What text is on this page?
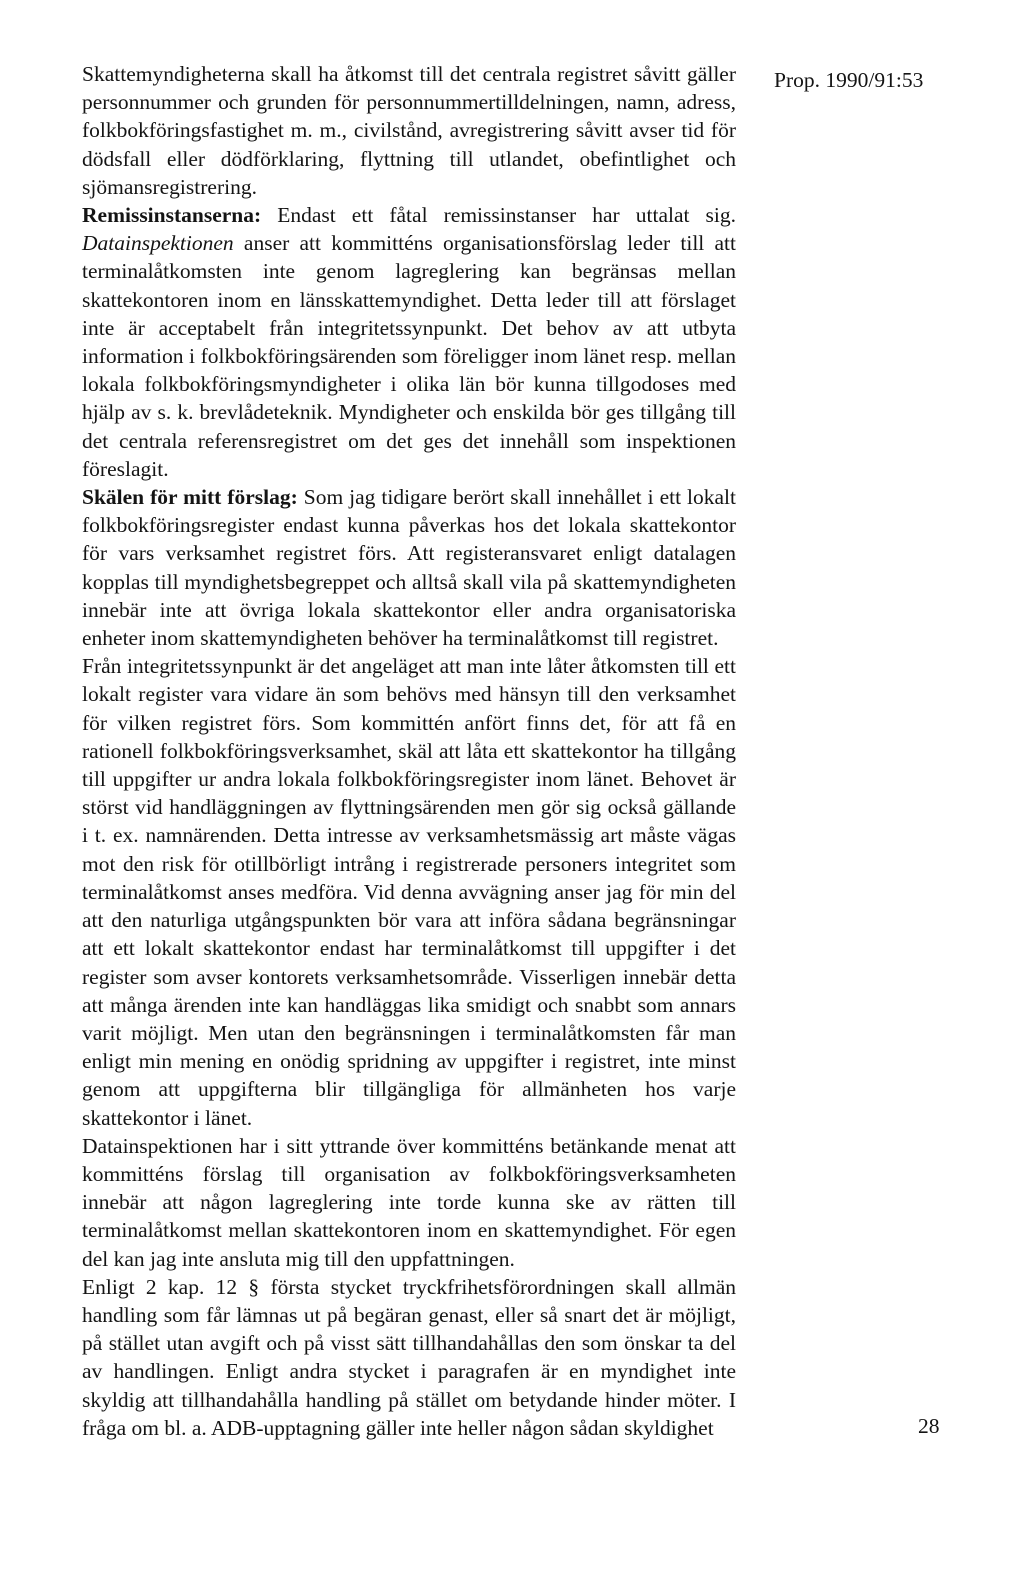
Prop. 1990/91:53

Skattemyndigheterna skall ha åtkomst till det centrala registret såvitt gäller personnummer och grunden för personnummertilldelningen, namn, adress, folkbokföringsfastighet m. m., civilstånd, avregistrering såvitt avser tid för dödsfall eller dödförklaring, flyttning till utlandet, obefintlighet och sjömansregistrering.

Remissinstanserna: Endast ett fåtal remissinstanser har uttalat sig. Datainspektionen anser att kommitténs organisationsförslag leder till att terminalåtkomsten inte genom lagreglering kan begränsas mellan skattekontoren inom en länsskattemyndighet. Detta leder till att förslaget inte är acceptabelt från integritetssynpunkt. Det behov av att utbyta information i folkbokföringsärenden som föreligger inom länet resp. mellan lokala folkbokföringsmyndigheter i olika län bör kunna tillgodoses med hjälp av s. k. brevlådeteknik. Myndigheter och enskilda bör ges tillgång till det centrala referensregistret om det ges det innehåll som inspektionen föreslagit.

Skälen för mitt förslag: Som jag tidigare berört skall innehållet i ett lokalt folkbokföringsregister endast kunna påverkas hos det lokala skattekontor för vars verksamhet registret förs. Att registeransvaret enligt datalagen kopplas till myndighetsbegreppet och alltså skall vila på skattemyndigheten innebär inte att övriga lokala skattekontor eller andra organisatoriska enheter inom skattemyndigheten behöver ha terminalåtkomst till registret.

Från integritetssynpunkt är det angeläget att man inte låter åtkomsten till ett lokalt register vara vidare än som behövs med hänsyn till den verksamhet för vilken registret förs. Som kommittén anfört finns det, för att få en rationell folkbokföringsverksamhet, skäl att låta ett skattekontor ha tillgång till uppgifter ur andra lokala folkbokföringsregister inom länet. Behovet är störst vid handläggningen av flyttningsärenden men gör sig också gällande i t. ex. namnärenden. Detta intresse av verksamhetsmässig art måste vägas mot den risk för otillbörligt intrång i registrerade personers integritet som terminalåtkomst anses medföra. Vid denna avvägning anser jag för min del att den naturliga utgångspunkten bör vara att införa sådana begränsningar att ett lokalt skattekontor endast har terminalåtkomst till uppgifter i det register som avser kontorets verksamhetsområde. Visserligen innebär detta att många ärenden inte kan handläggas lika smidigt och snabbt som annars varit möjligt. Men utan den begränsningen i terminalåtkomsten får man enligt min mening en onödig spridning av uppgifter i registret, inte minst genom att uppgifterna blir tillgängliga för allmänheten hos varje skattekontor i länet.

Datainspektionen har i sitt yttrande över kommitténs betänkande menat att kommitténs förslag till organisation av folkbokföringsverksamheten innebär att någon lagreglering inte torde kunna ske av rätten till terminalåtkomst mellan skattekontoren inom en skattemyndighet. För egen del kan jag inte ansluta mig till den uppfattningen.

Enligt 2 kap. 12 § första stycket tryckfrihetsförordningen skall allmän handling som får lämnas ut på begäran genast, eller så snart det är möjligt, på stället utan avgift och på visst sätt tillhandahållas den som önskar ta del av handlingen. Enligt andra stycket i paragrafen är en myndighet inte skyldig att tillhandahålla handling på stället om betydande hinder möter. I fråga om bl. a. ADB-upptagning gäller inte heller någon sådan skyldighet	28
